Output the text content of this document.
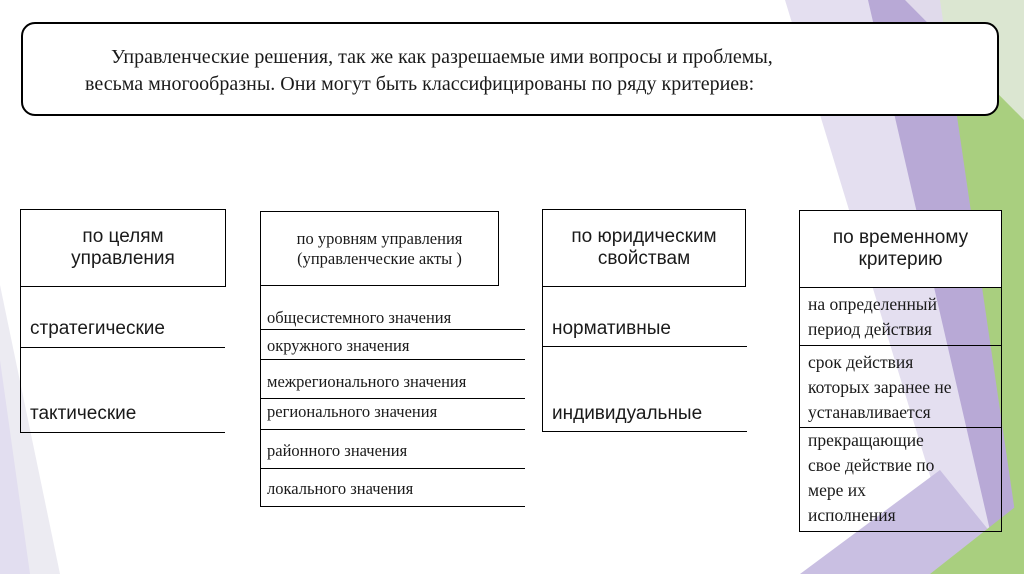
Управленческие решения, так же как разрешаемые ими вопросы и проблемы,
весьма многообразны. Они могут быть классифицированы по ряду критериев:
по целям
управления
стратегические
тактические
по уровням управления
(управленческие акты )
общесистемного значения
окружного значения
межрегионального значения
регионального значения
районного значения
локального значения
по юридическим
свойствам
нормативные
индивидуальные
по временному
критерию
на определенный
период действия
срок действия
которых заранее не
устанавливается
прекращающие
свое действие по
мере их
исполнения
